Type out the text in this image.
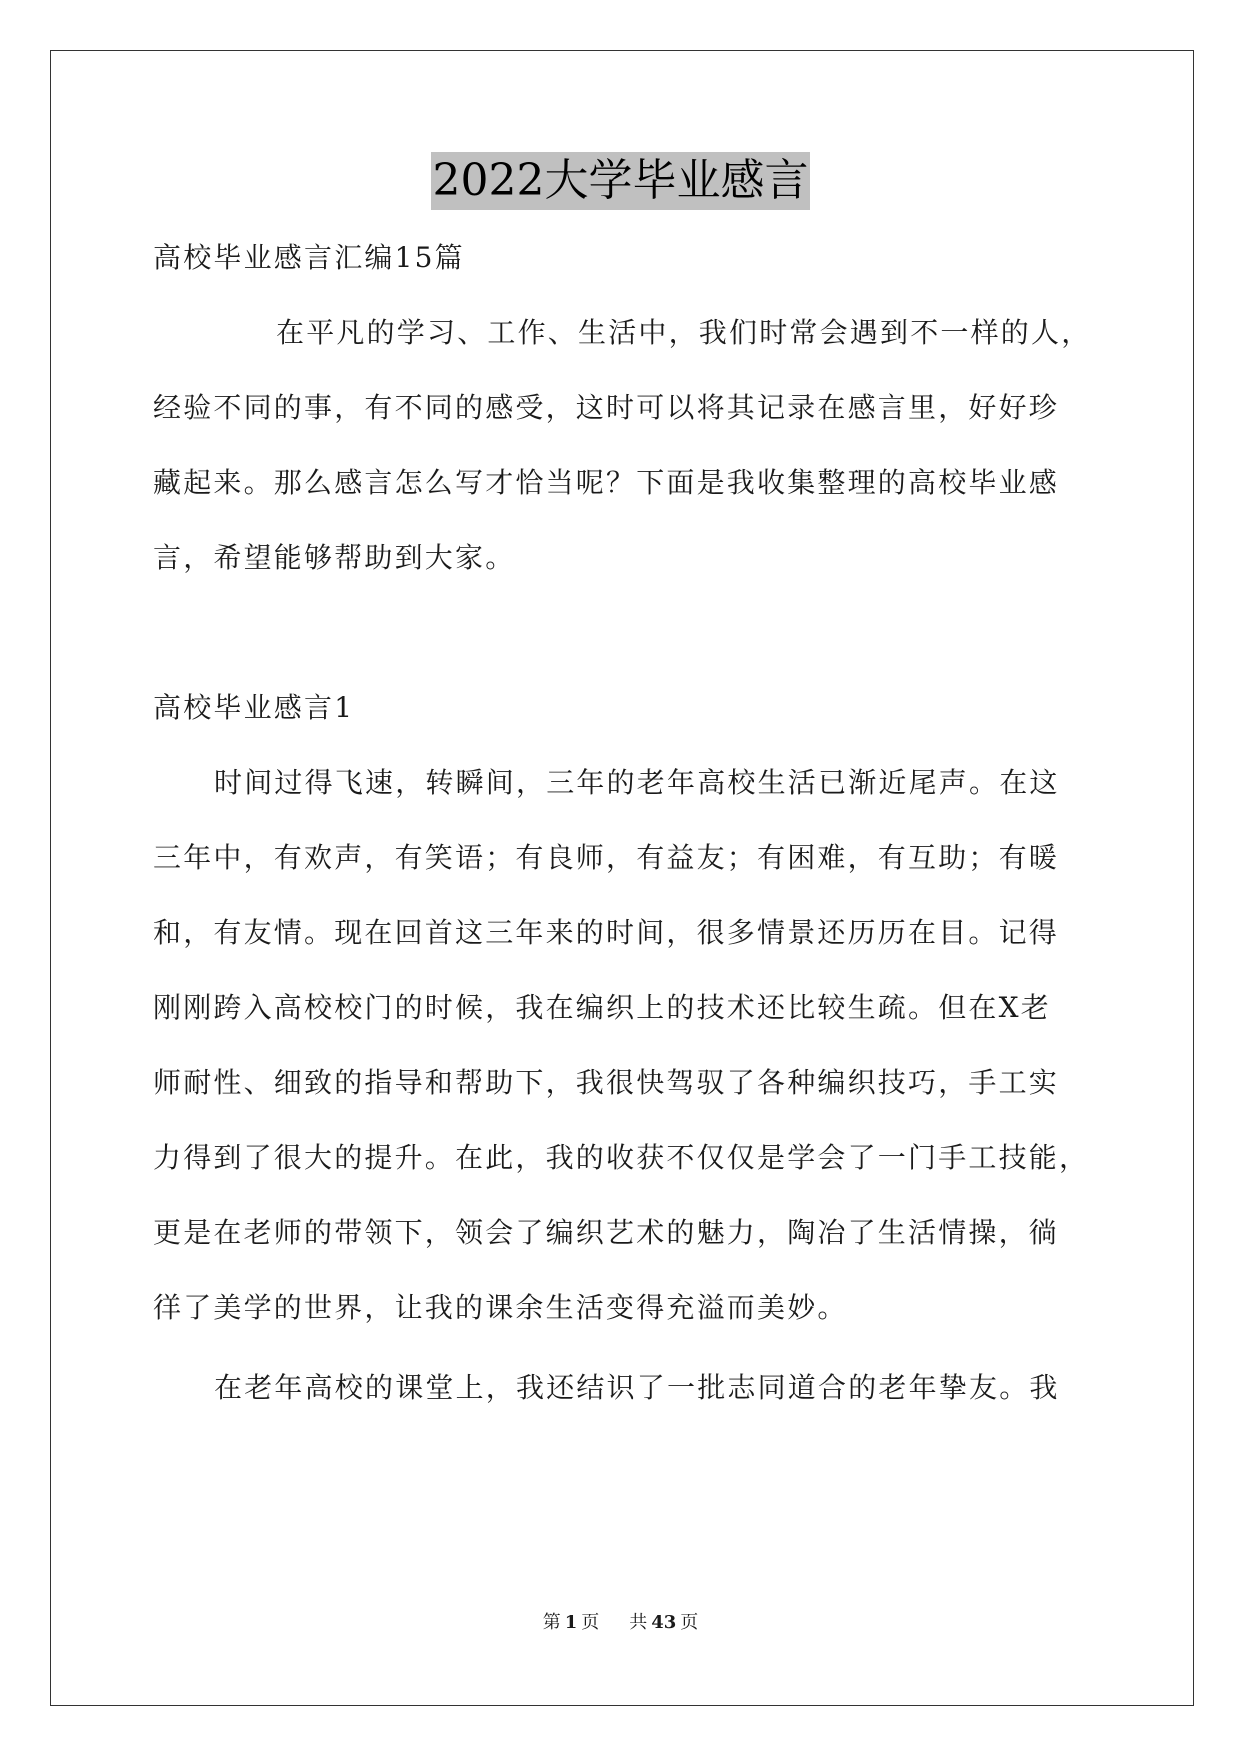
2022大学毕业感言
高校毕业感言汇编15篇
在平凡的学习、工作、生活中，我们时常会遇到不一样的人，
经验不同的事，有不同的感受，这时可以将其记录在感言里，好好珍
藏起来。那么感言怎么写才恰当呢？下面是我收集整理的高校毕业感
言，希望能够帮助到大家。
高校毕业感言1
时间过得飞速，转瞬间，三年的老年高校生活已渐近尾声。在这
三年中，有欢声，有笑语；有良师，有益友；有困难，有互助；有暖
和，有友情。现在回首这三年来的时间，很多情景还历历在目。记得
刚刚跨入高校校门的时候，我在编织上的技术还比较生疏。但在X老
师耐性、细致的指导和帮助下，我很快驾驭了各种编织技巧，手工实
力得到了很大的提升。在此，我的收获不仅仅是学会了一门手工技能，
更是在老师的带领下，领会了编织艺术的魅力，陶冶了生活情操，徜
徉了美学的世界，让我的课余生活变得充溢而美妙。
在老年高校的课堂上，我还结识了一批志同道合的老年挚友。我
第 1 页 共 43 页
